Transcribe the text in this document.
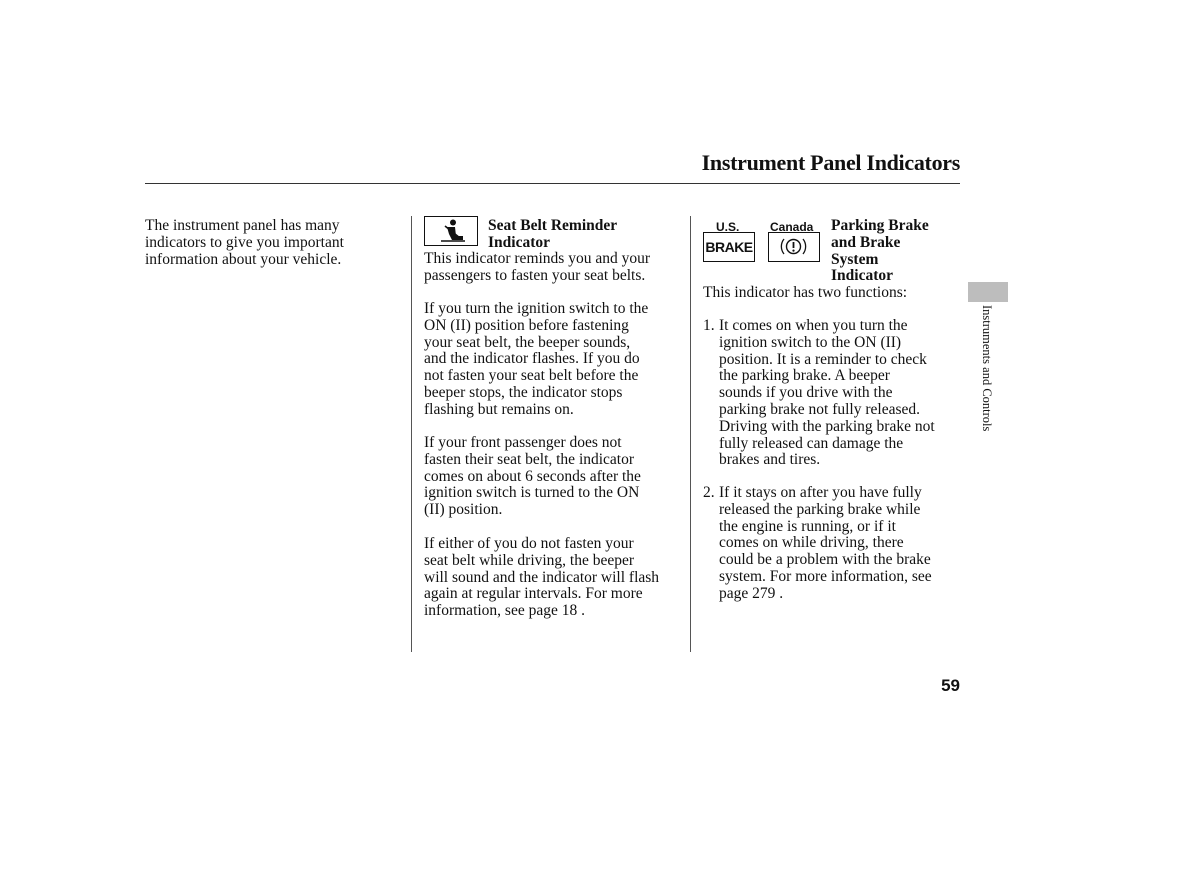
Instrument Panel Indicators
The instrument panel has many
indicators to give you important
information about your vehicle.
Seat Belt Reminder
Indicator
This indicator reminds you and your
passengers to fasten your seat belts.
If you turn the ignition switch to the
ON (II) position before fastening
your seat belt, the beeper sounds,
and the indicator flashes. If you do
not fasten your seat belt before the
beeper stops, the indicator stops
flashing but remains on.
If your front passenger does not
fasten their seat belt, the indicator
comes on about 6 seconds after the
ignition switch is turned to the ON
(II) position.
If either of you do not fasten your
seat belt while driving, the beeper
will sound and the indicator will flash
again at regular intervals. For more
information, see page 18 .
U.S.	Canada
BRAKE
Parking Brake
and Brake
System
Indicator
This indicator has two functions:

1. It comes on when you turn the
ignition switch to the ON (II)
position. It is a reminder to check
the parking brake. A beeper
sounds if you drive with the
parking brake not fully released.
Driving with the parking brake not
fully released can damage the
brakes and tires.

2. If it stays on after you have fully
released the parking brake while
the engine is running, or if it
comes on while driving, there
could be a problem with the brake
system. For more information, see
page 279 .

Instruments and Controls
59
